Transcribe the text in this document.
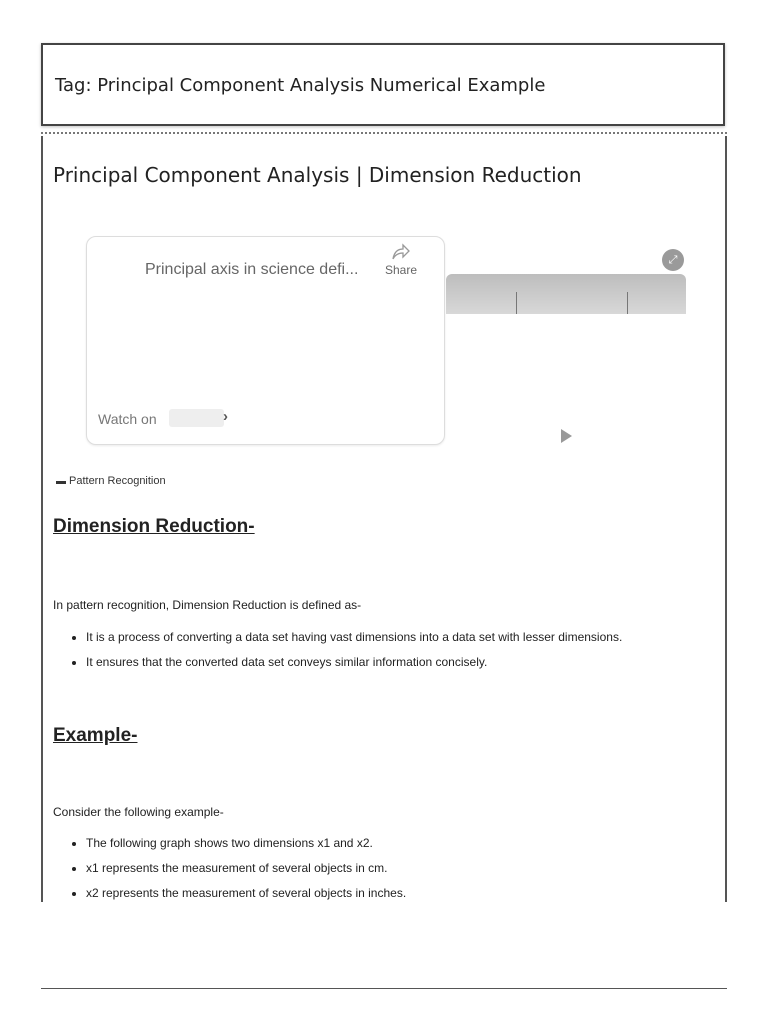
Tag: Principal Component Analysis Numerical Example
Principal Component Analysis | Dimension Reduction
Principal axis in science defi...	Share
Watch on	›
⤢
▬ Pattern Recognition
Dimension Reduction-
In pattern recognition, Dimension Reduction is defined as-
• It is a process of converting a data set having vast dimensions into a data set with lesser dimensions.
• It ensures that the converted data set conveys similar information concisely.
Example-
Consider the following example-
• The following graph shows two dimensions x1 and x2.
• x1 represents the measurement of several objects in cm.
• x2 represents the measurement of several objects in inches.
